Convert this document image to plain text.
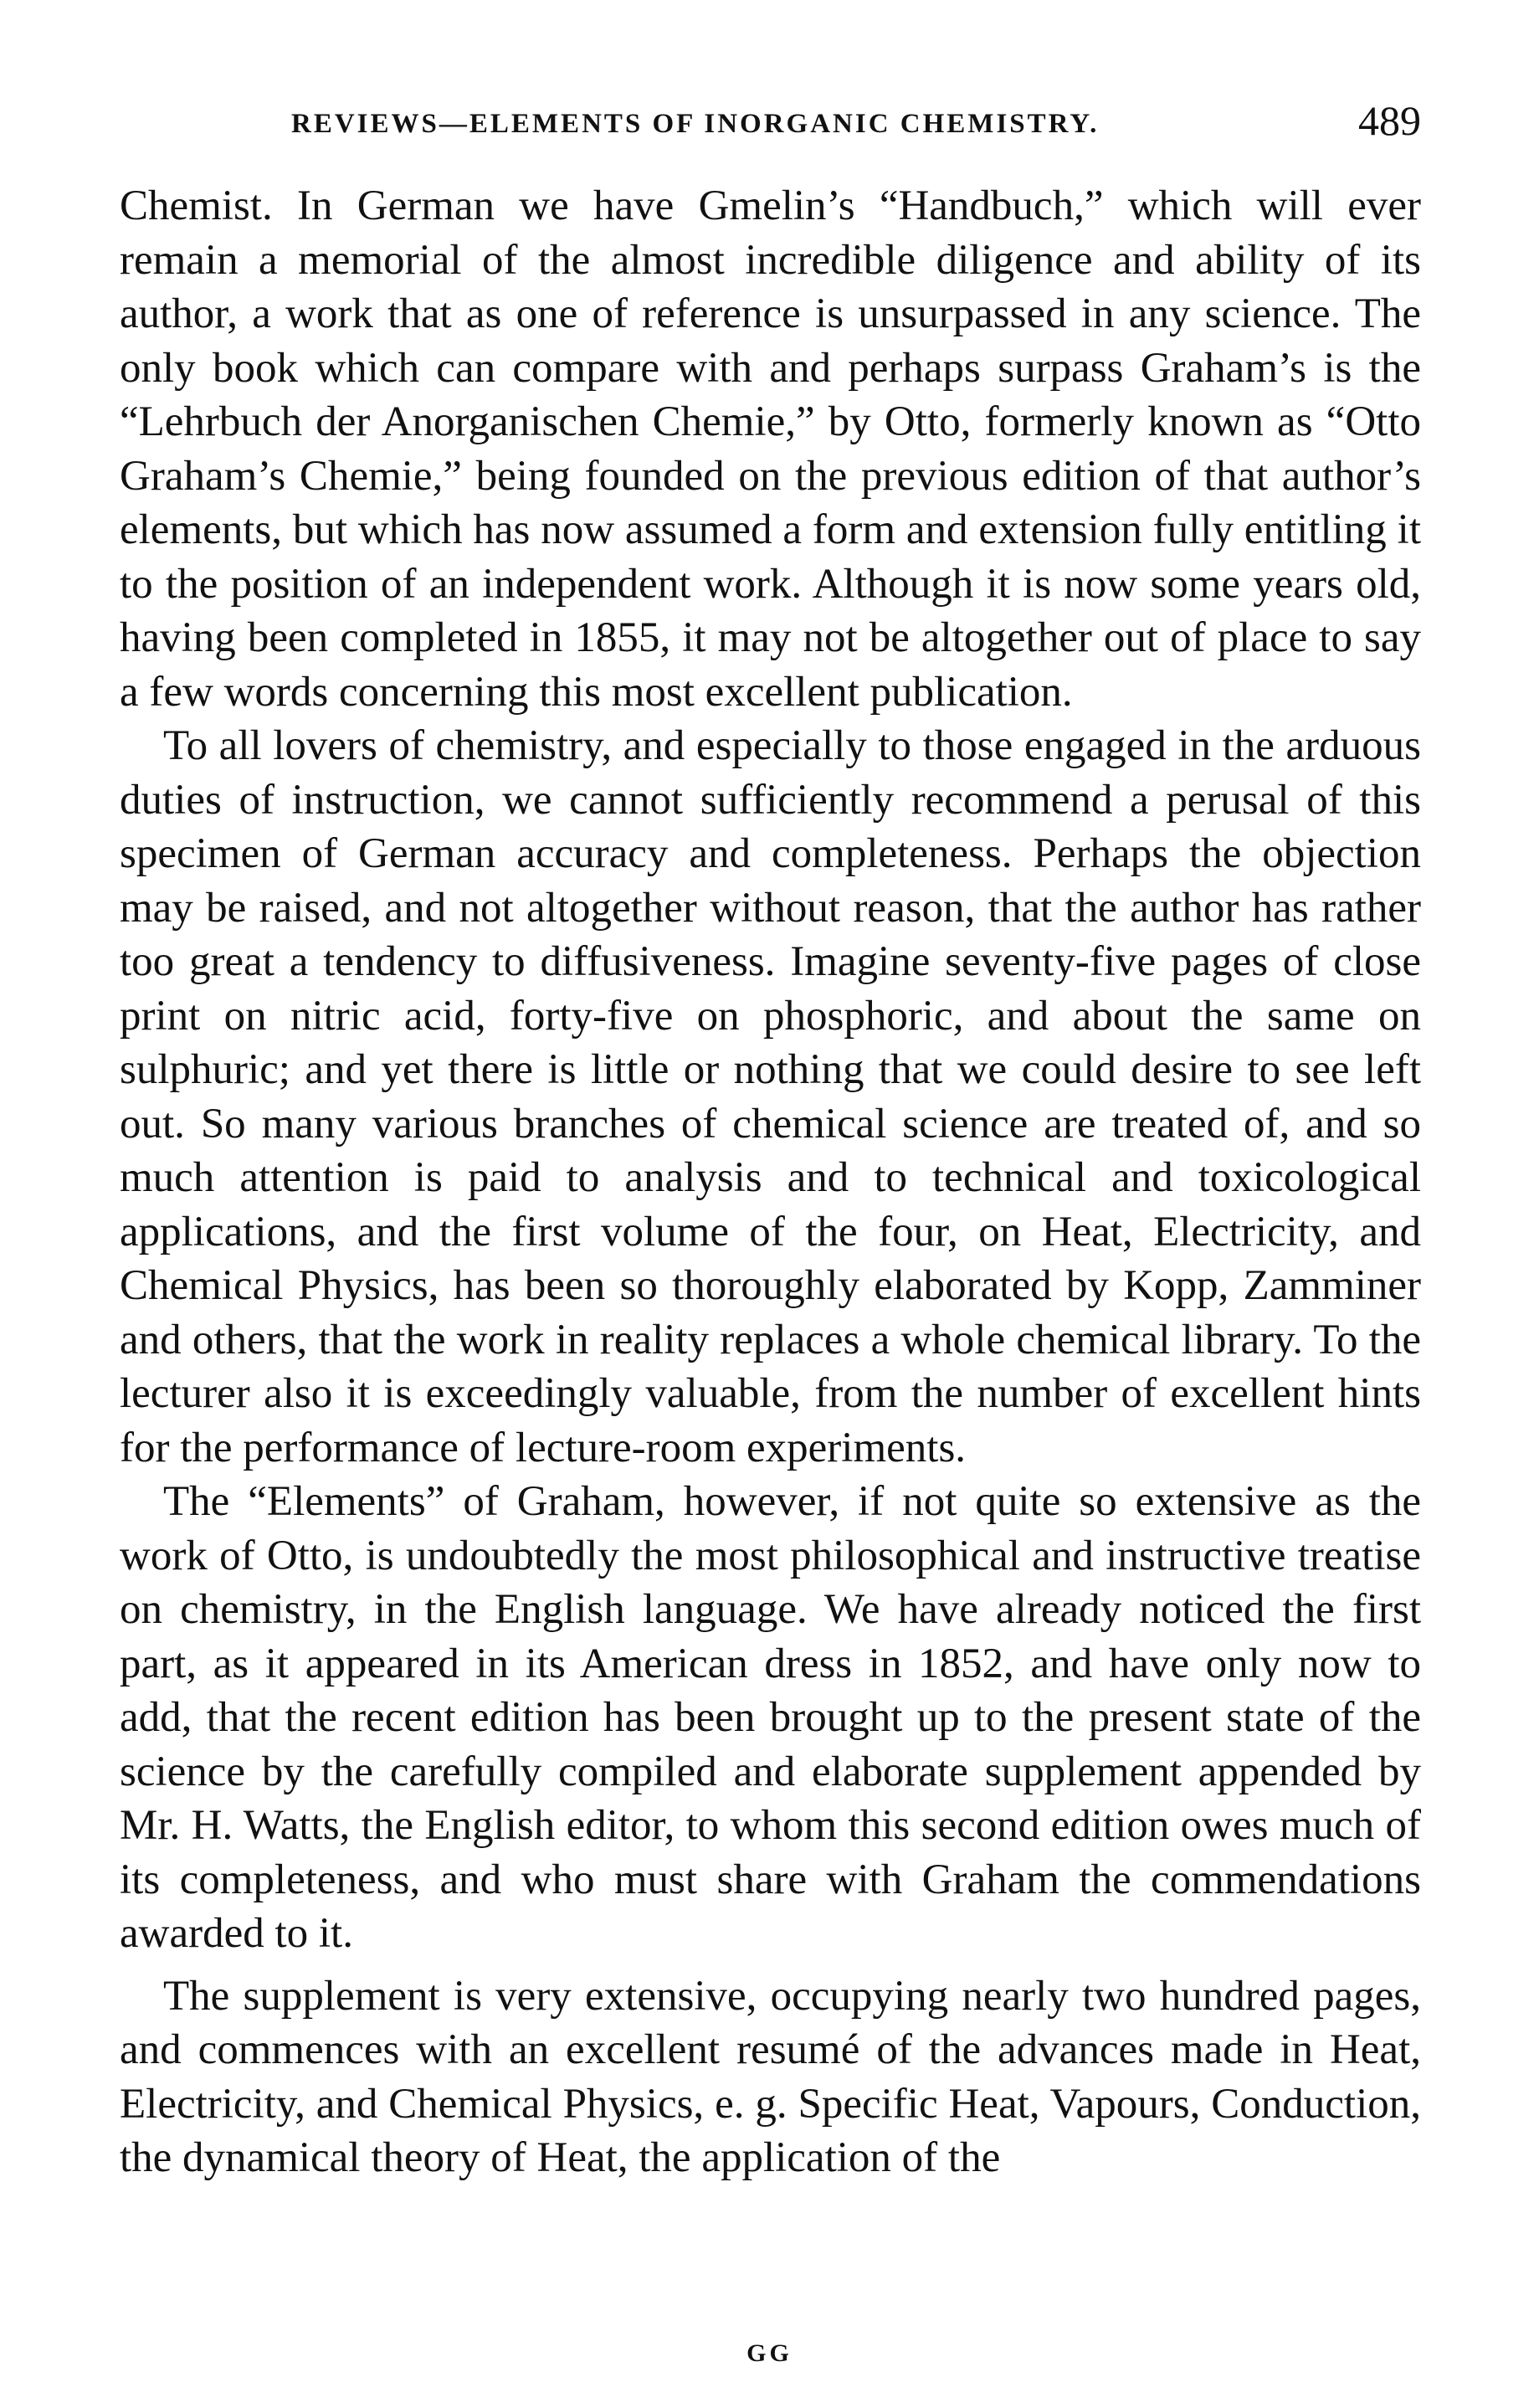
REVIEWS—ELEMENTS OF INORGANIC CHEMISTRY.	489

Chemist. In German we have Gmelin’s “Handbuch,” which will ever remain a memorial of the almost incredible diligence and ability of its author, a work that as one of reference is unsurpassed in any science. The only book which can compare with and perhaps surpass Graham’s is the “Lehrbuch der Anorganischen Chemie,” by Otto, formerly known as “Otto Graham’s Chemie,” being founded on the previous edition of that author’s elements, but which has now assumed a form and extension fully entitling it to the position of an independent work. Although it is now some years old, having been completed in 1855, it may not be altogether out of place to say a few words concerning this most excellent publication.

To all lovers of chemistry, and especially to those engaged in the arduous duties of instruction, we cannot sufficiently recommend a perusal of this specimen of German accuracy and completeness. Perhaps the objection may be raised, and not altogether without reason, that the author has rather too great a tendency to diffusiveness. Imagine seventy-five pages of close print on nitric acid, forty-five on phosphoric, and about the same on sulphuric; and yet there is little or nothing that we could desire to see left out. So many various branches of chemical science are treated of, and so much attention is paid to analysis and to technical and toxicological applications, and the first volume of the four, on Heat, Electricity, and Chemical Physics, has been so thoroughly elaborated by Kopp, Zamminer and others, that the work in reality replaces a whole chemical library. To the lecturer also it is exceedingly valuable, from the number of excellent hints for the performance of lecture-room experiments.

The “Elements” of Graham, however, if not quite so extensive as the work of Otto, is undoubtedly the most philosophical and instructive treatise on chemistry, in the English language. We have already noticed the first part, as it appeared in its American dress in 1852, and have only now to add, that the recent edition has been brought up to the present state of the science by the carefully compiled and elaborate supplement appended by Mr. H. Watts, the English editor, to whom this second edition owes much of its completeness, and who must share with Graham the commendations awarded to it.

The supplement is very extensive, occupying nearly two hundred pages, and commences with an excellent resumé of the advances made in Heat, Electricity, and Chemical Physics, e. g. Specific Heat, Vapours, Conduction, the dynamical theory of Heat, the application of the

GG
